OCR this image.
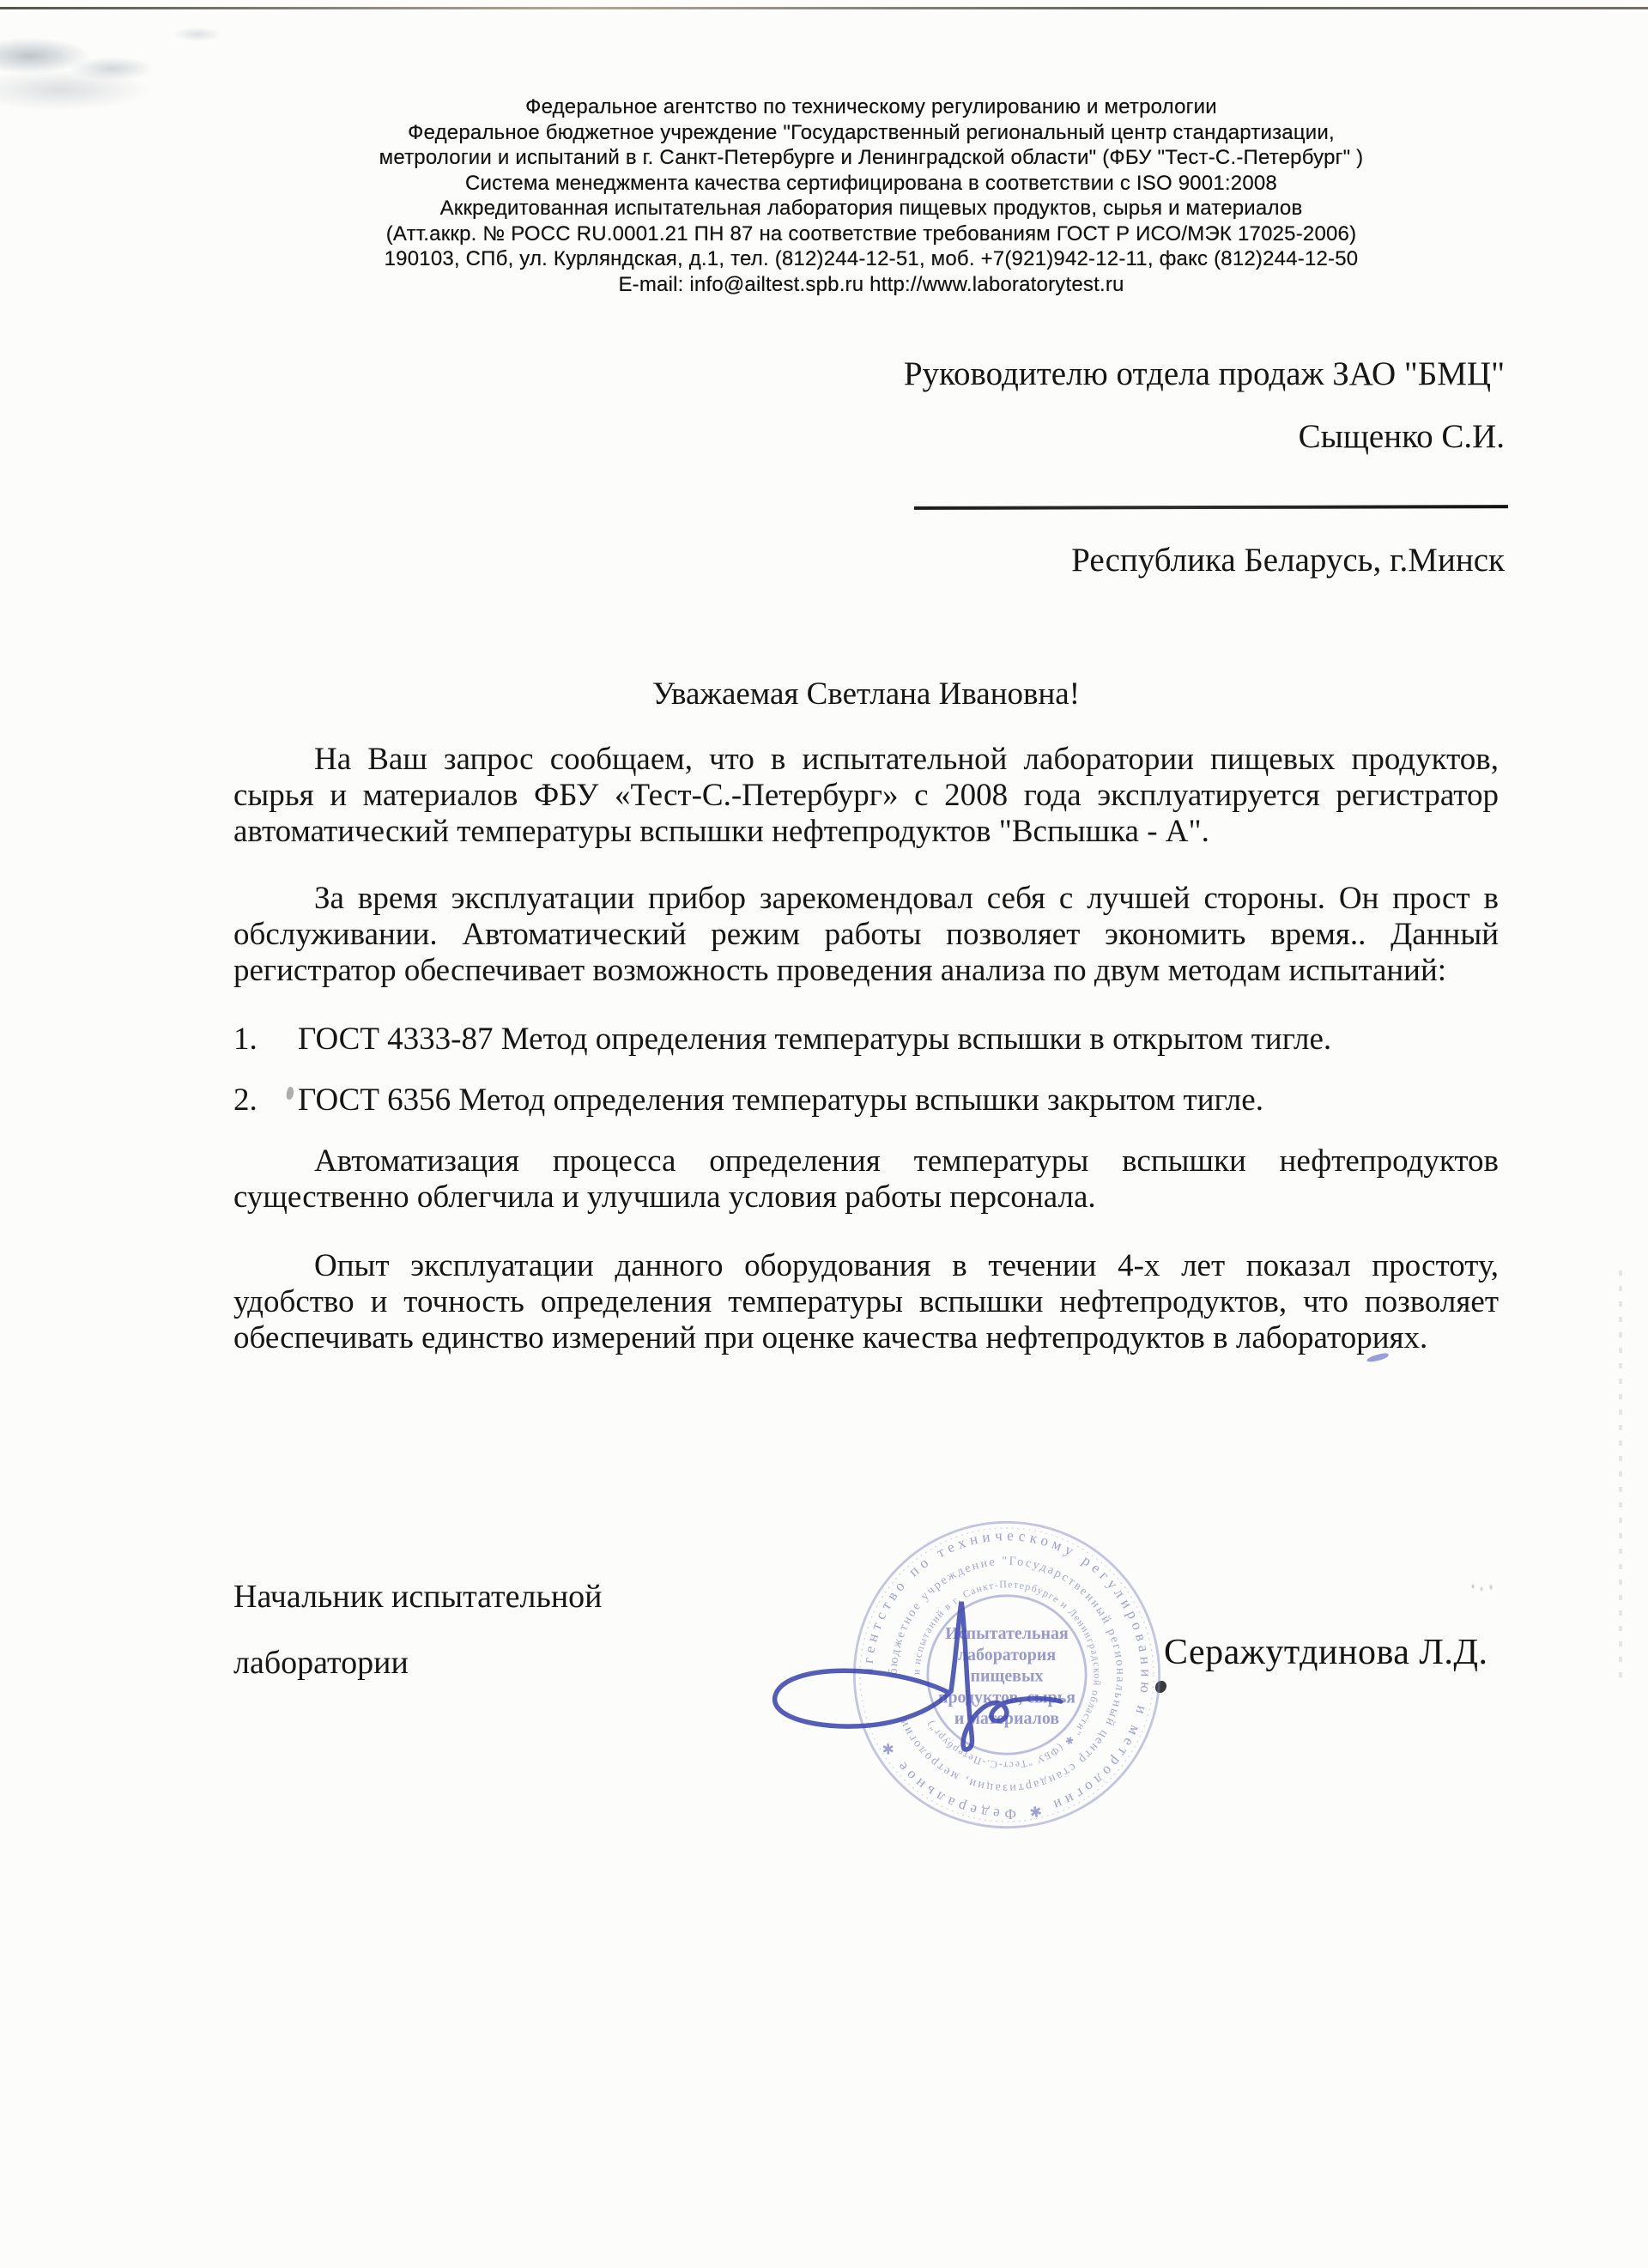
Федеральное агентство по техническому регулированию и метрологии
Федеральное бюджетное учреждение "Государственный региональный центр стандартизации,
метрологии и испытаний в г. Санкт-Петербурге и Ленинградской области" (ФБУ "Тест-С.-Петербург" )
Система менеджмента качества сертифицирована в соответствии с ISO 9001:2008
Аккредитованная испытательная лаборатория пищевых продуктов, сырья и материалов
(Атт.аккр. № РОСС RU.0001.21 ПН 87 на соответствие требованиям ГОСТ Р ИСО/МЭК 17025-2006)
190103, СПб, ул. Курляндская, д.1, тел. (812)244-12-51, моб. +7(921)942-12-11, факс (812)244-12-50
E-mail: info@ailtest.spb.ru http://www.laboratorytest.ru
Руководителю отдела продаж ЗАО "БМЦ"
Сыщенко С.И.
Республика Беларусь, г.Минск
Уважаемая Светлана Ивановна!

На Ваш запрос сообщаем, что в испытательной лаборатории пищевых продуктов, сырья и материалов ФБУ «Тест-С.-Петербург» с 2008 года эксплуатируется регистратор автоматический температуры вспышки нефтепродуктов "Вспышка - А".

За время эксплуатации прибор зарекомендовал себя с лучшей стороны. Он прост в обслуживании. Автоматический режим работы позволяет экономить время.. Данный регистратор обеспечивает возможность проведения анализа по двум методам испытаний:

1.	ГОСТ 4333-87 Метод определения температуры вспышки в открытом тигле.
2.	ГОСТ 6356 Метод определения температуры вспышки закрытом тигле.

Автоматизация процесса определения температуры вспышки нефтепродуктов существенно облегчила и улучшила условия работы персонала.

Опыт эксплуатации данного оборудования в течении 4-х лет показал простоту, удобство и точность определения температуры вспышки нефтепродуктов, что позволяет обеспечивать единство измерений при оценке качества нефтепродуктов в лабораториях.

Начальник испытательной
лаборатории	Серажутдинова Л.Д.
агентство по техническому регулированию и метрологии ✱ Федеральное ✱
бюджетное учреждение "Государственный региональный центр стандартизации, метрологии
и испытаний в г. Санкт-Петербурге и Ленинградской области" ✱ (ФБУ "Тест-С.-Петербург")
Испытательная
лаборатория
пищевых
продуктов, сырья
и материалов
